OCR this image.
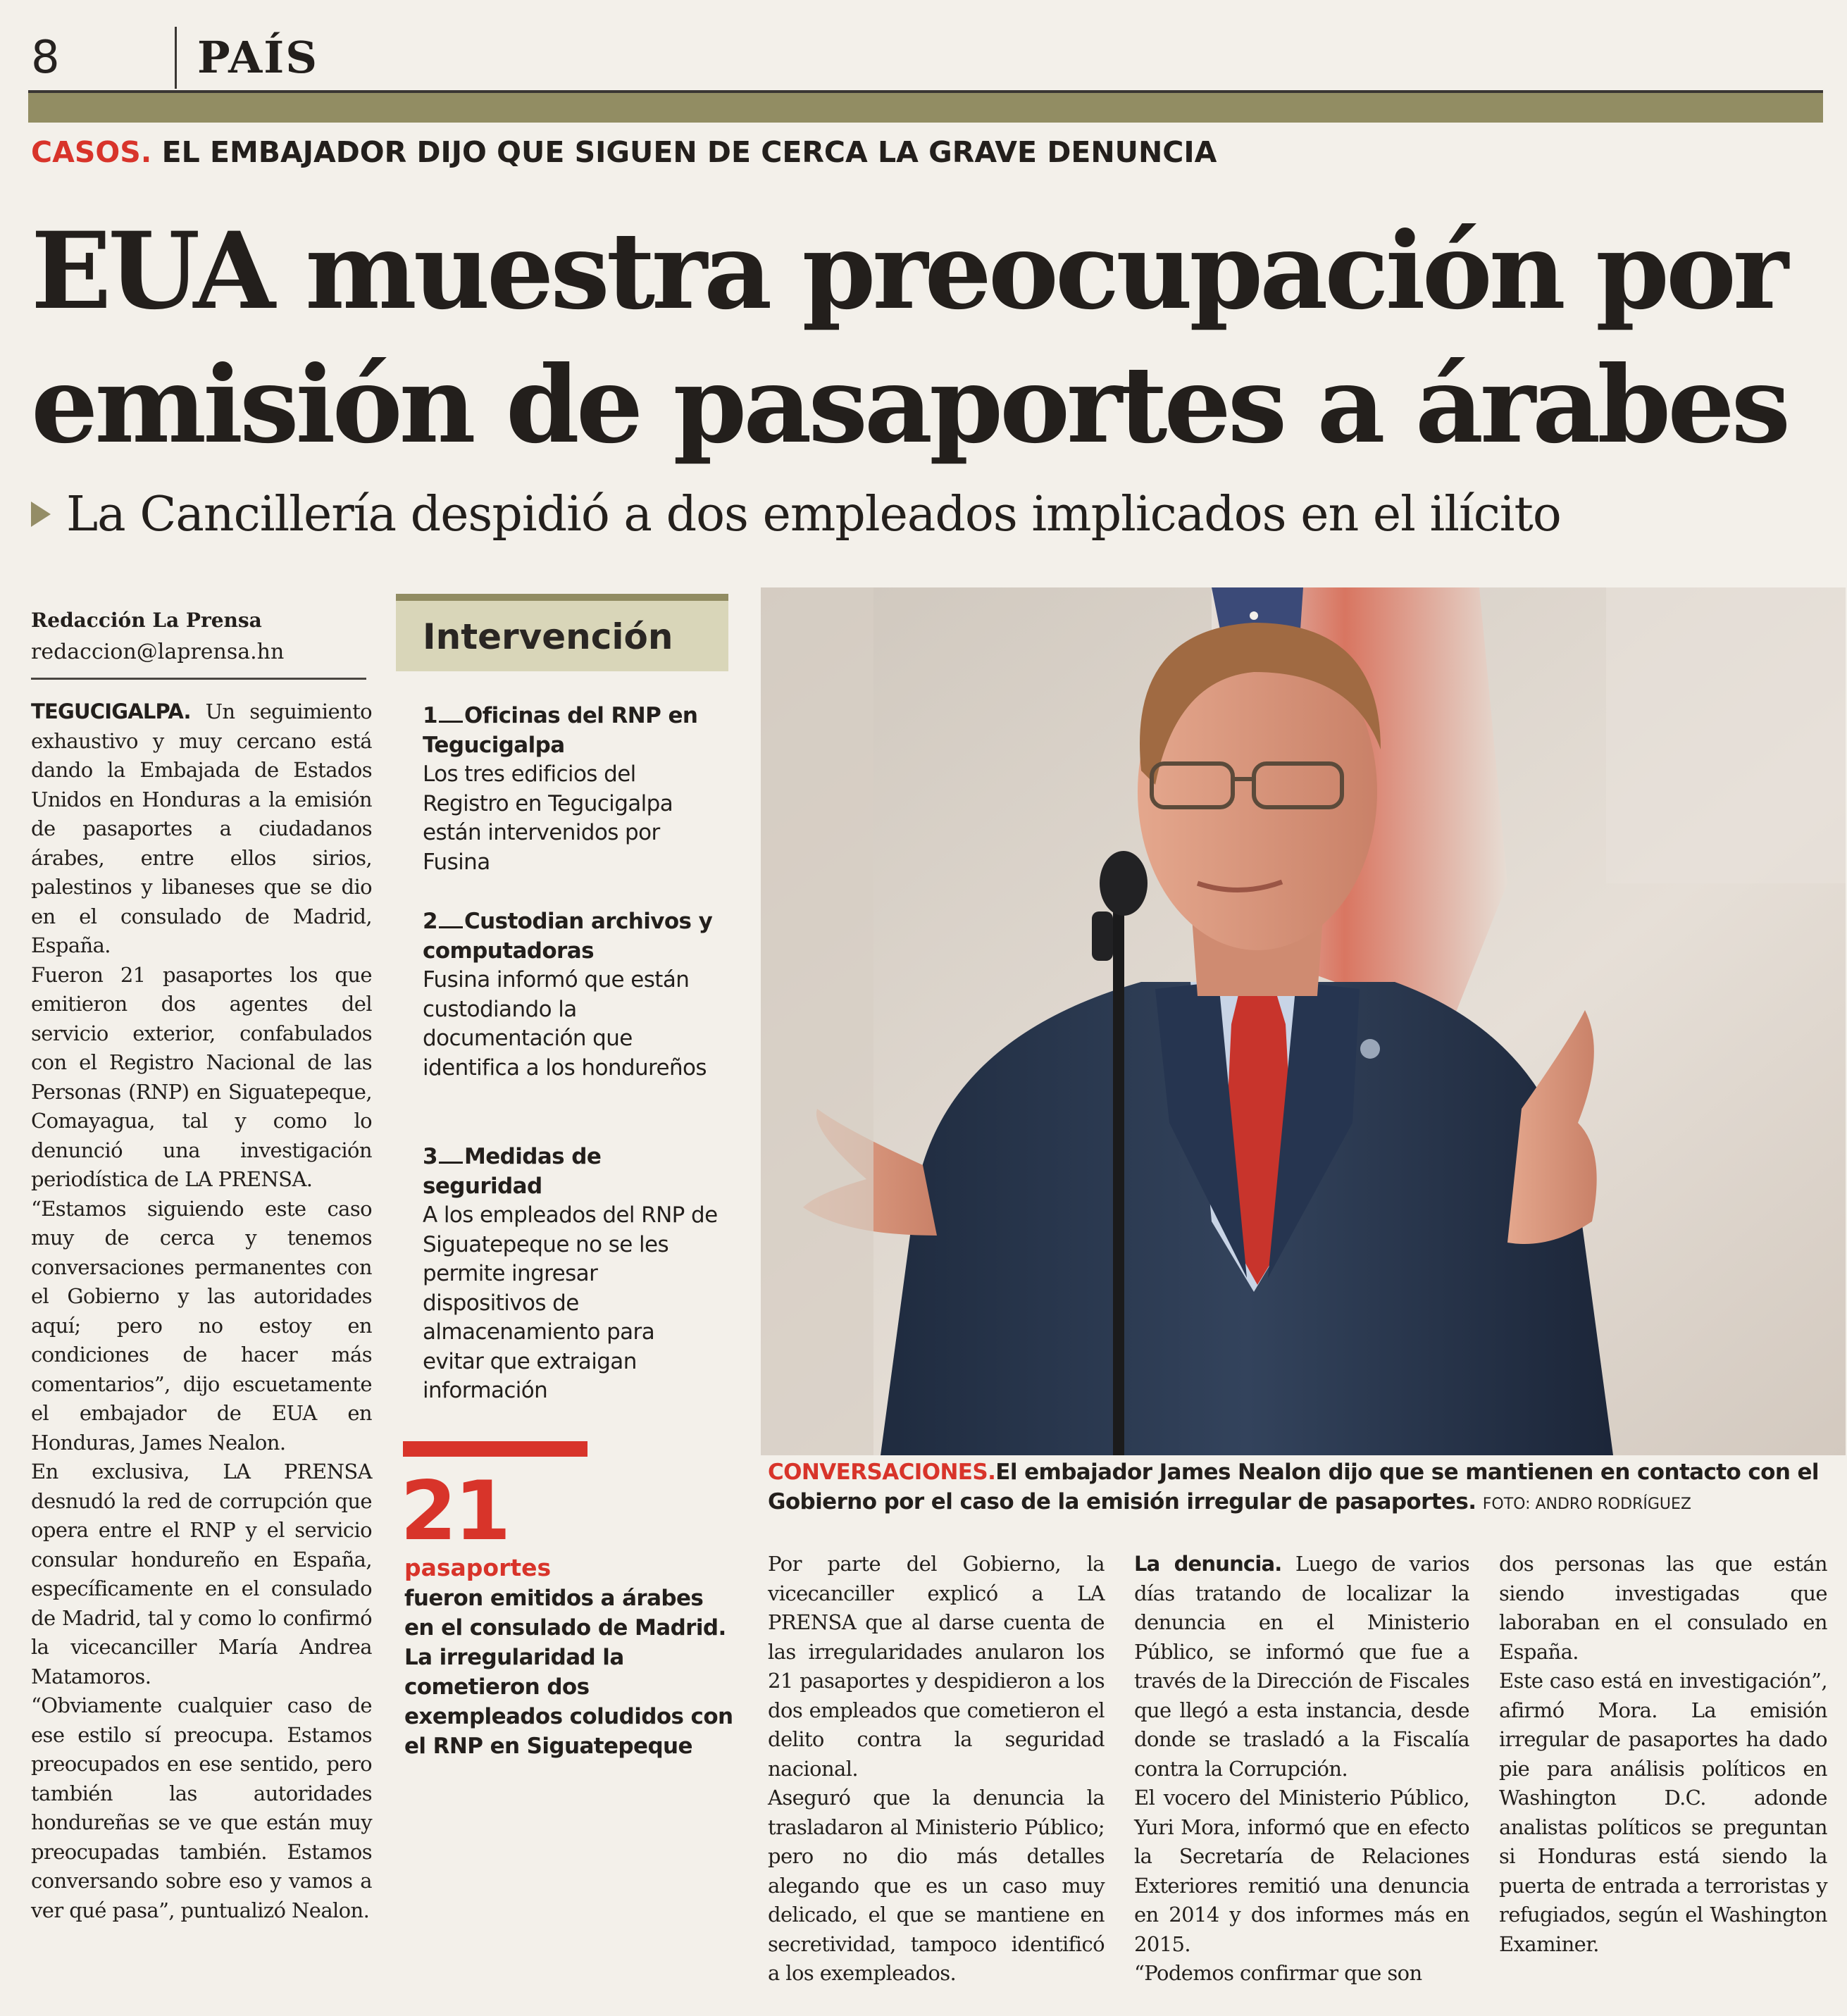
8	PAÍS
CASOS. EL EMBAJADOR DIJO QUE SIGUEN DE CERCA LA GRAVE DENUNCIA
EUA muestra preocupación por emisión de pasaportes a árabes
La Cancillería despidió a dos empleados implicados en el ilícito
Redacción La Prensa
redaccion@laprensa.hn

TEGUCIGALPA. Un seguimiento exhaustivo y muy cercano está dando la Embajada de Estados Unidos en Honduras a la emisión de pasaportes a ciudadanos árabes, entre ellos sirios, palestinos y libaneses que se dio en el consulado de Madrid, España.

Fueron 21 pasaportes los que emitieron dos agentes del servicio exterior, confabulados con el Registro Nacional de las Personas (RNP) en Siguatepeque, Comayagua, tal y como lo denunció una investigación periodística de LA PRENSA.

“Estamos siguiendo este caso muy de cerca y tenemos conversaciones permanentes con el Gobierno y las autoridades aquí; pero no estoy en condiciones de hacer más comentarios”, dijo escuetamente el embajador de EUA en Honduras, James Nealon.

En exclusiva, LA PRENSA desnudó la red de corrupción que opera entre el RNP y el servicio consular hondureño en España, específicamente en el consulado de Madrid, tal y como lo confirmó la vicecanciller María Andrea Matamoros.

“Obviamente cualquier caso de ese estilo sí preocupa. Estamos preocupados en ese sentido, pero también las autoridades hondureñas se ve que están muy preocupadas también. Estamos conversando sobre eso y vamos a ver qué pasa”, puntualizó Nealon.

Intervención

1 Oficinas del RNP en Tegucigalpa

Los tres edificios del Registro en Tegucigalpa están intervenidos por Fusina

2 Custodian archivos y computadoras

Fusina informó que están custodiando la documentación que identifica a los hondureños

3 Medidas de seguridad

A los empleados del RNP de Siguatepeque no se les permite ingresar dispositivos de almacenamiento para evitar que extraigan información

21
pasaportes
fueron emitidos a árabes en el consulado de Madrid. La irregularidad la cometieron dos exempleados coludidos con el RNP en Siguatepeque
CONVERSACIONES.El embajador James Nealon dijo que se mantienen en contacto con el Gobierno por el caso de la emisión irregular de pasaportes. FOTO: ANDRO RODRÍGUEZ

Por parte del Gobierno, la vicecanciller explicó a LA PRENSA que al darse cuenta de las irregularidades anularon los 21 pasaportes y despidieron a los dos empleados que cometieron el delito contra la seguridad nacional.

Aseguró que la denuncia la trasladaron al Ministerio Público; pero no dio más detalles alegando que es un caso muy delicado, el que se mantiene en secretividad, tampoco identificó a los exempleados.

La denuncia. Luego de varios días tratando de localizar la denuncia en el Ministerio Público, se informó que fue a través de la Dirección de Fiscales que llegó a esta instancia, desde donde se trasladó a la Fiscalía contra la Corrupción.

El vocero del Ministerio Público, Yuri Mora, informó que en efecto la Secretaría de Relaciones Exteriores remitió una denuncia en 2014 y dos informes más en 2015.

“Podemos confirmar que son

dos personas las que están siendo investigadas que laboraban en el consulado en España.

Este caso está en investigación”, afirmó Mora. La emisión irregular de pasaportes ha dado pie para análisis políticos en Washington D.C. adonde analistas políticos se preguntan si Honduras está siendo la puerta de entrada a terroristas y refugiados, según el Washington Examiner.
